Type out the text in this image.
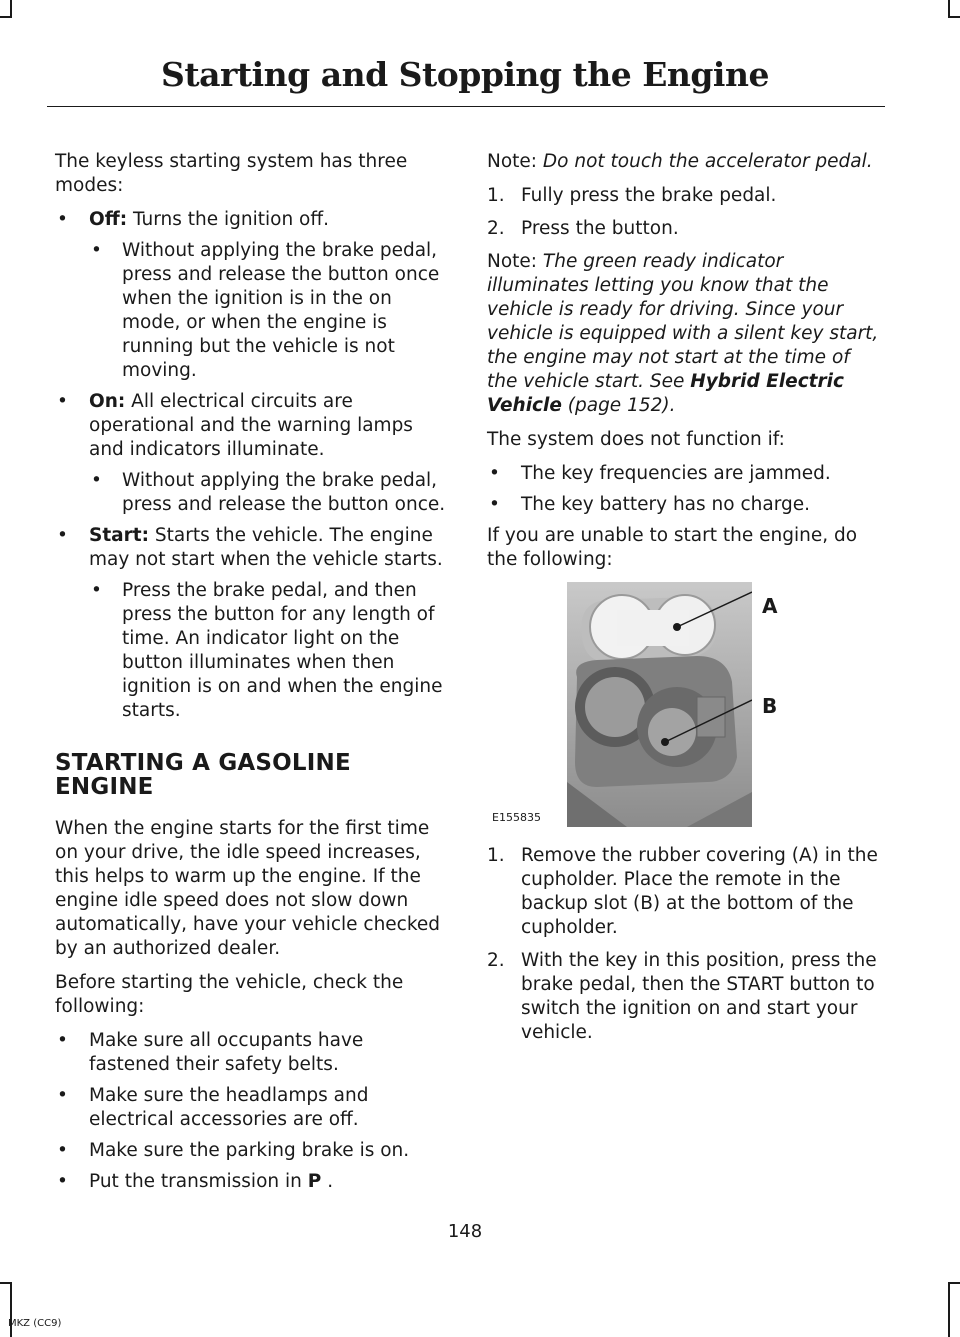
Starting and Stopping the Engine

The keyless starting system has three modes:

• Off: Turns the ignition off.
• Without applying the brake pedal, press and release the button once when the ignition is in the on mode, or when the engine is running but the vehicle is not moving.
• On: All electrical circuits are operational and the warning lamps and indicators illuminate.
• Without applying the brake pedal, press and release the button once.
• Start: Starts the vehicle. The engine may not start when the vehicle starts.
• Press the brake pedal, and then press the button for any length of time. An indicator light on the button illuminates when then ignition is on and when the engine starts.
STARTING A GASOLINE ENGINE

When the engine starts for the first time on your drive, the idle speed increases, this helps to warm up the engine. If the engine idle speed does not slow down automatically, have your vehicle checked by an authorized dealer.

Before starting the vehicle, check the following:

• Make sure all occupants have fastened their safety belts.
• Make sure the headlamps and electrical accessories are off.
• Make sure the parking brake is on.
• Put the transmission in P .

Note: Do not touch the accelerator pedal.

1. Fully press the brake pedal.
2. Press the button.

Note: The green ready indicator illuminates letting you know that the vehicle is ready for driving. Since your vehicle is equipped with a silent key start, the engine may not start at the time of the vehicle start. See Hybrid Electric Vehicle (page 152).

The system does not function if:

• The key frequencies are jammed.
• The key battery has no charge.

If you are unable to start the engine, do the following:

A
B
E155835
1. Remove the rubber covering (A) in the cupholder. Place the remote in the backup slot (B) at the bottom of the cupholder.
2. With the key in this position, press the brake pedal, then the START button to switch the ignition on and start your vehicle.
148
MKZ (CC9)
